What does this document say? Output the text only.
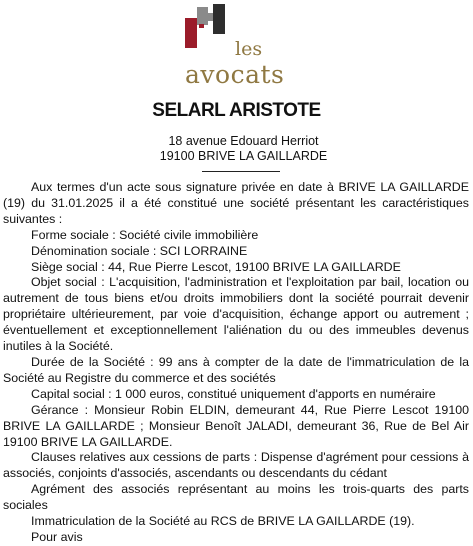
les
avocats
SELARL ARISTOTE
18 avenue Edouard Herriot
19100 BRIVE LA GAILLARDE

Aux termes d'un acte sous signature privée en date à BRIVE LA GAILLARDE (19) du 31.01.2025 il a été constitué une société présentant les caractéristiques suivantes :

Forme sociale : Société civile immobilière

Dénomination sociale : SCI LORRAINE

Siège social : 44, Rue Pierre Lescot, 19100 BRIVE LA GAILLARDE

Objet social : L'acquisition, l'administration et l'exploitation par bail, location ou autrement de tous biens et/ou droits immobiliers dont la société pourrait devenir propriétaire ultérieurement, par voie d'acquisition, échange apport ou autrement ; éventuellement et exceptionnellement l'aliénation du ou des immeubles devenus inutiles à la Société.

Durée de la Société : 99 ans à compter de la date de l'immatriculation de la Société au Registre du commerce et des sociétés

Capital social : 1 000 euros, constitué uniquement d'apports en numéraire

Gérance : Monsieur Robin ELDIN, demeurant 44, Rue Pierre Lescot 19100 BRIVE LA GAILLARDE ; Monsieur Benoît JALADI, demeurant 36, Rue de Bel Air 19100 BRIVE LA GAILLARDE.

Clauses relatives aux cessions de parts : Dispense d'agrément pour cessions à associés, conjoints d'associés, ascendants ou descendants du cédant

Agrément des associés représentant au moins les trois-quarts des parts sociales

Immatriculation de la Société au RCS de BRIVE LA GAILLARDE (19).

Pour avis
